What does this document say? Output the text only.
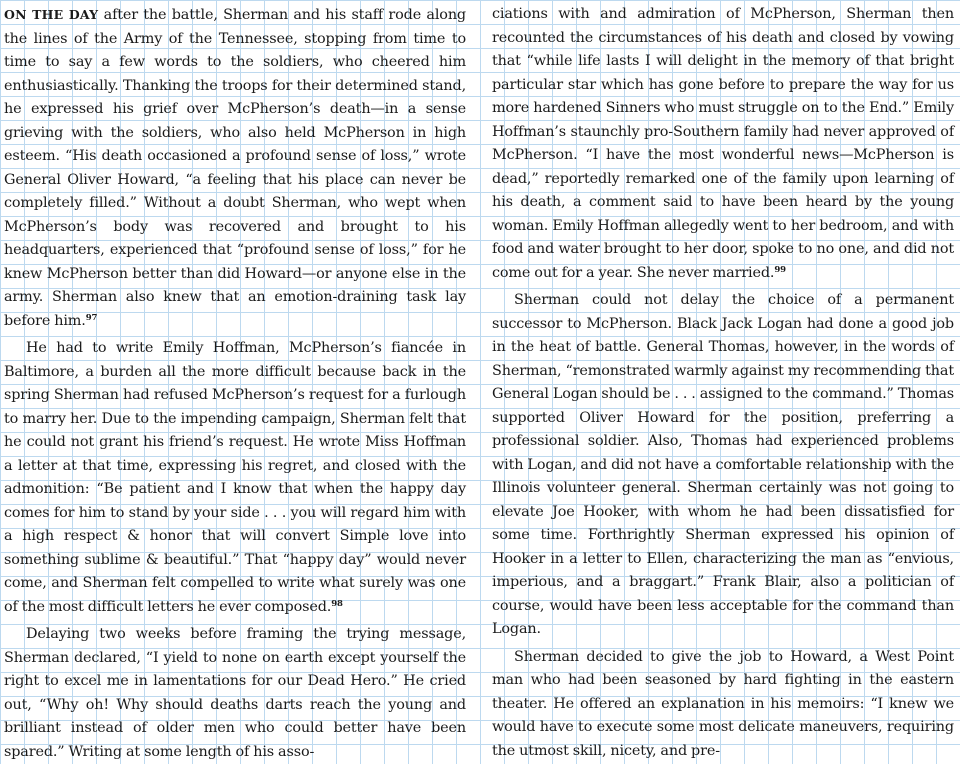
ON THE DAY after the battle, Sherman and his staff rode along the lines of the Army of the Tennessee, stopping from time to time to say a few words to the soldiers, who cheered him enthusiastically. Thanking the troops for their determined stand, he expressed his grief over McPherson’s death—in a sense grieving with the soldiers, who also held McPherson in high esteem. “His death occasioned a profound sense of loss,” wrote General Oliver Howard, “a feeling that his place can never be completely filled.” Without a doubt Sherman, who wept when McPherson’s body was recovered and brought to his headquarters, experienced that “profound sense of loss,” for he knew McPherson better than did Howard—or anyone else in the army. Sherman also knew that an emotion-draining task lay before him.$^{97}$

He had to write Emily Hoffman, McPherson’s fiancée in Baltimore, a burden all the more difficult because back in the spring Sherman had refused McPherson’s request for a furlough to marry her. Due to the impending campaign, Sherman felt that he could not grant his friend’s request. He wrote Miss Hoffman a letter at that time, expressing his regret, and closed with the admonition: “Be patient and I know that when the happy day comes for him to stand by your side . . . you will regard him with a high respect & honor that will convert Simple love into something sublime & beautiful.” That “happy day” would never come, and Sherman felt compelled to write what surely was one of the most difficult letters he ever composed.$^{98}$

Delaying two weeks before framing the trying message, Sherman declared, “I yield to none on earth except yourself the right to excel me in lamentations for our Dead Hero.” He cried out, “Why oh! Why should deaths darts reach the young and brilliant instead of older men who could better have been spared.” Writing at some length of his asso-

ciations with and admiration of McPherson, Sherman then recounted the circumstances of his death and closed by vowing that “while life lasts I will delight in the memory of that bright particular star which has gone before to prepare the way for us more hardened Sinners who must struggle on to the End.” Emily Hoffman’s staunchly pro-Southern family had never approved of McPherson. “I have the most wonderful news—McPherson is dead,” reportedly remarked one of the family upon learning of his death, a comment said to have been heard by the young woman. Emily Hoffman allegedly went to her bedroom, and with food and water brought to her door, spoke to no one, and did not come out for a year. She never married.$^{99}$

Sherman could not delay the choice of a permanent successor to McPherson. Black Jack Logan had done a good job in the heat of battle. General Thomas, however, in the words of Sherman, “remonstrated warmly against my recommending that General Logan should be . . . assigned to the command.” Thomas supported Oliver Howard for the position, preferring a professional soldier. Also, Thomas had experienced problems with Logan, and did not have a comfortable relationship with the Illinois volunteer general. Sherman certainly was not going to elevate Joe Hooker, with whom he had been dissatisfied for some time. Forthrightly Sherman expressed his opinion of Hooker in a letter to Ellen, characterizing the man as “envious, imperious, and a braggart.” Frank Blair, also a politician of course, would have been less acceptable for the command than Logan.

Sherman decided to give the job to Howard, a West Point man who had been seasoned by hard fighting in the eastern theater. He offered an explanation in his memoirs: “I knew we would have to execute some most delicate maneuvers, requiring the utmost skill, nicety, and pre-
